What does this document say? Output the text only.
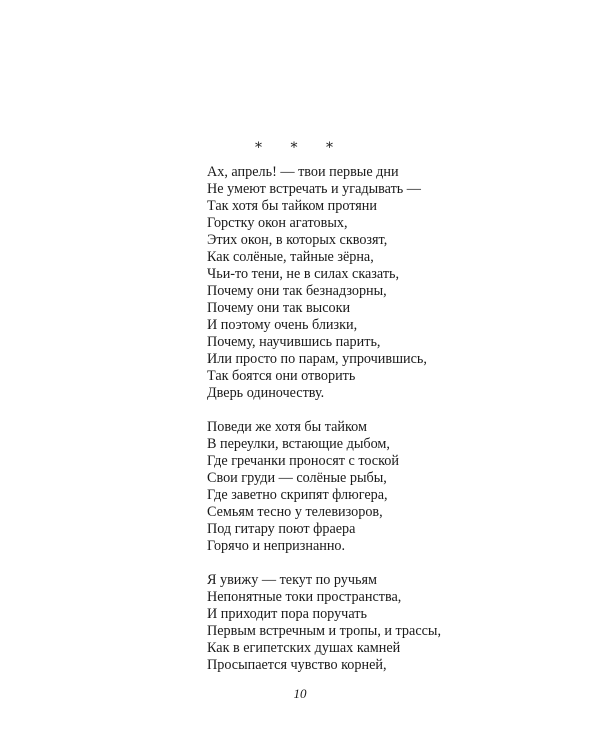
* * *
Ах, апрель! — твои первые дни
Не умеют встречать и угадывать —
Так хотя бы тайком протяни
Горстку окон агатовых,
Этих окон, в которых сквозят,
Как солёные, тайные зёрна,
Чьи-то тени, не в силах сказать,
Почему они так безнадзорны,
Почему они так высоки
И поэтому очень близки,
Почему, научившись парить,
Или просто по парам, упрочившись,
Так боятся они отворить
Дверь одиночеству.
Поведи же хотя бы тайком
В переулки, встающие дыбом,
Где гречанки проносят с тоской
Свои груди — солёные рыбы,
Где заветно скрипят флюгера,
Семьям тесно у телевизоров,
Под гитару поют фраера
Горячо и непризнанно.
Я увижу — текут по ручьям
Непонятные токи пространства,
И приходит пора поручать
Первым встречным и тропы, и трассы,
Как в египетских душах камней
Просыпается чувство корней,
10
